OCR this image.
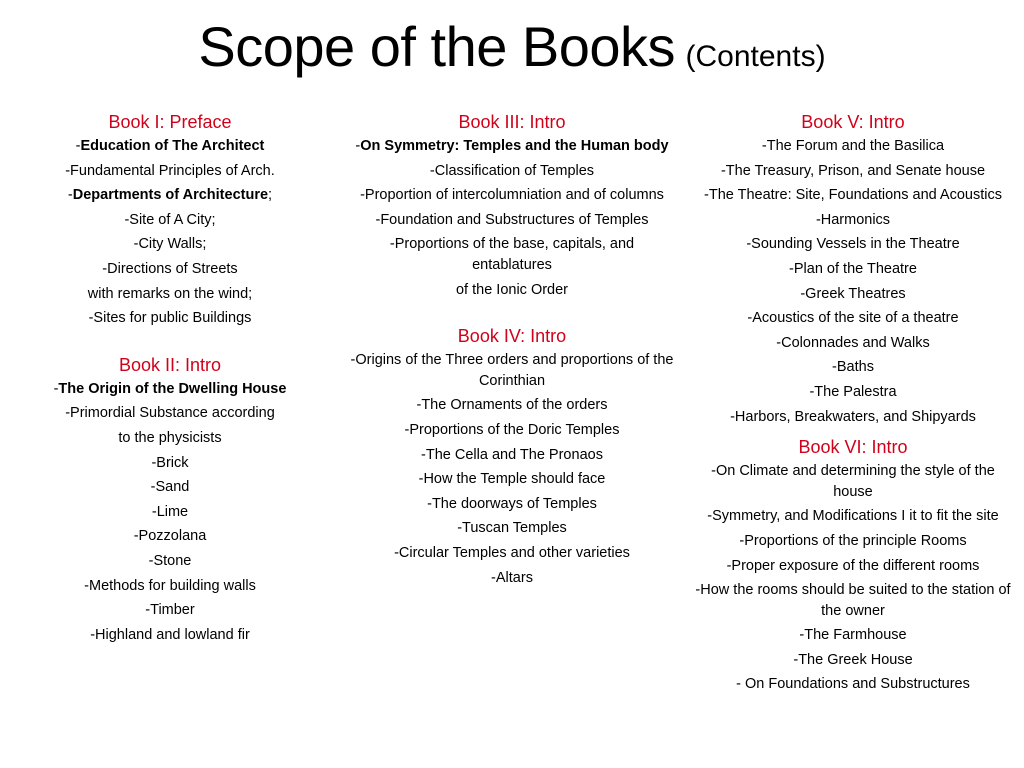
Scope of the Books (Contents)
Book I: Preface
-Education of The Architect
-Fundamental Principles of Arch.
-Departments of Architecture;
-Site of A City;
-City Walls;
-Directions of Streets
with remarks on the wind;
-Sites for public Buildings
Book II: Intro
-The Origin of the Dwelling House
-Primordial Substance according
to the physicists
-Brick
-Sand
-Lime
-Pozzolana
-Stone
-Methods for building walls
-Timber
-Highland and lowland fir
Book III: Intro
-On Symmetry: Temples and the Human body
-Classification of Temples
-Proportion of intercolumniation and of columns
-Foundation and Substructures of Temples
-Proportions of the base, capitals, and entablatures
of the Ionic Order
Book IV: Intro
-Origins of the Three orders and proportions of the Corinthian
-The Ornaments of the orders
-Proportions of the Doric Temples
-The Cella and The Pronaos
-How the Temple should face
-The doorways of Temples
-Tuscan Temples
-Circular Temples and other varieties
-Altars
Book V: Intro
-The Forum and the Basilica
-The Treasury, Prison, and Senate house
-The Theatre: Site, Foundations and Acoustics
-Harmonics
-Sounding Vessels in the Theatre
-Plan of the Theatre
-Greek Theatres
-Acoustics of the site of a theatre
-Colonnades and Walks
-Baths
-The Palestra
-Harbors, Breakwaters, and Shipyards
Book VI: Intro
-On Climate and determining the style of the house
-Symmetry, and Modifications I it to fit the site
-Proportions of the principle Rooms
-Proper exposure of the different rooms
-How the rooms should be suited to the station of the owner
-The Farmhouse
-The Greek House
- On Foundations and Substructures
